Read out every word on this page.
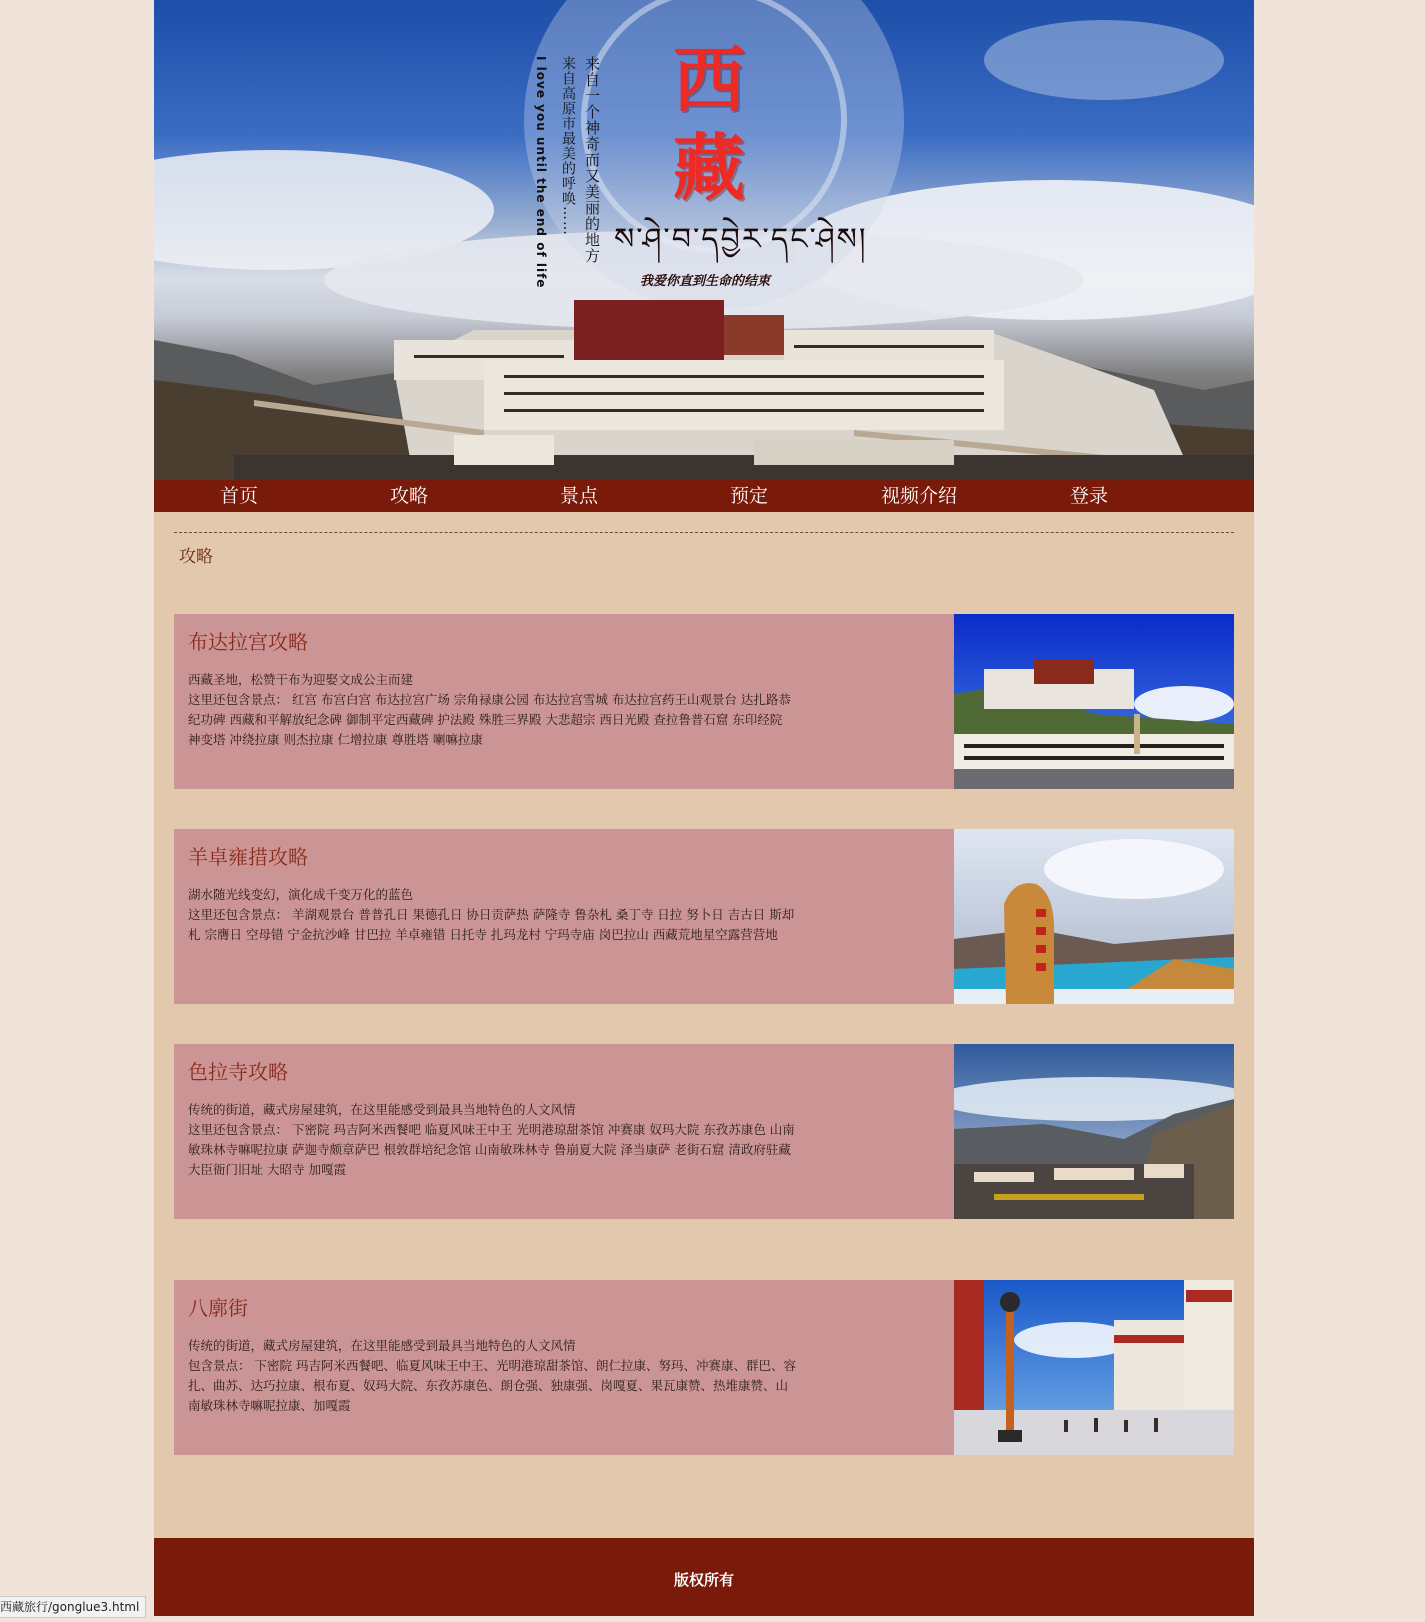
西
藏
来自一个神奇而又美丽的地方
来自高原市最美的呼唤……
I love you until the end of life ས་ཤེ་བ་དབྱེར་དང་ཤེས།
我爱你直到生命的结束
首页	攻略	景点	预定	视频介绍	登录
攻略
布达拉宫攻略

西藏圣地，松赞干布为迎娶文成公主而建

这里还包含景点： 红宫 布宫白宫 布达拉宫广场 宗角禄康公园 布达拉宫雪城 布达拉宫药王山观景台 达扎路恭纪功碑 西藏和平解放纪念碑 御制平定西藏碑 护法殿 殊胜三界殿 大悲超宗 西日光殿 查拉鲁普石窟 东印经院 神变塔 冲绕拉康 则杰拉康 仁增拉康 尊胜塔 喇嘛拉康

羊卓雍措攻略

湖水随光线变幻，演化成千变万化的蓝色

这里还包含景点： 羊湖观景台 普普孔日 果德孔日 协日贡萨热 萨隆寺 鲁杂札 桑丁寺 日拉 努卜日 吉古日 斯却札 宗膺日 空母错 宁金抗沙峰 甘巴拉 羊卓雍错 日托寺 扎玛龙村 宁玛寺庙 岗巴拉山 西藏荒地星空露营营地

色拉寺攻略

传统的街道，藏式房屋建筑，在这里能感受到最具当地特色的人文风情

这里还包含景点： 下密院 玛吉阿米西餐吧 临夏风味王中王 光明港琼甜茶馆 冲赛康 奴玛大院 东孜苏康色 山南敏珠林寺嘛呢拉康 萨迦寺颇章萨巴 根敦群培纪念馆 山南敏珠林寺 鲁崩夏大院 泽当康萨 老街石窟 清政府驻藏大臣衙门旧址 大昭寺 加嘎霞

八廓街

传统的街道，藏式房屋建筑，在这里能感受到最具当地特色的人文风情

包含景点： 下密院 玛吉阿米西餐吧、临夏风味王中王、光明港琼甜茶馆、朗仁拉康、努玛、冲赛康、群巴、容扎、曲苏、达巧拉康、根布夏、奴玛大院、东孜苏康色、朗仓强、独康强、岗嘎夏、果瓦康赞、热堆康赞、山南敏珠林寺嘛呢拉康、加嘎霞

版权所有
西藏旅行/gonglue3.html
